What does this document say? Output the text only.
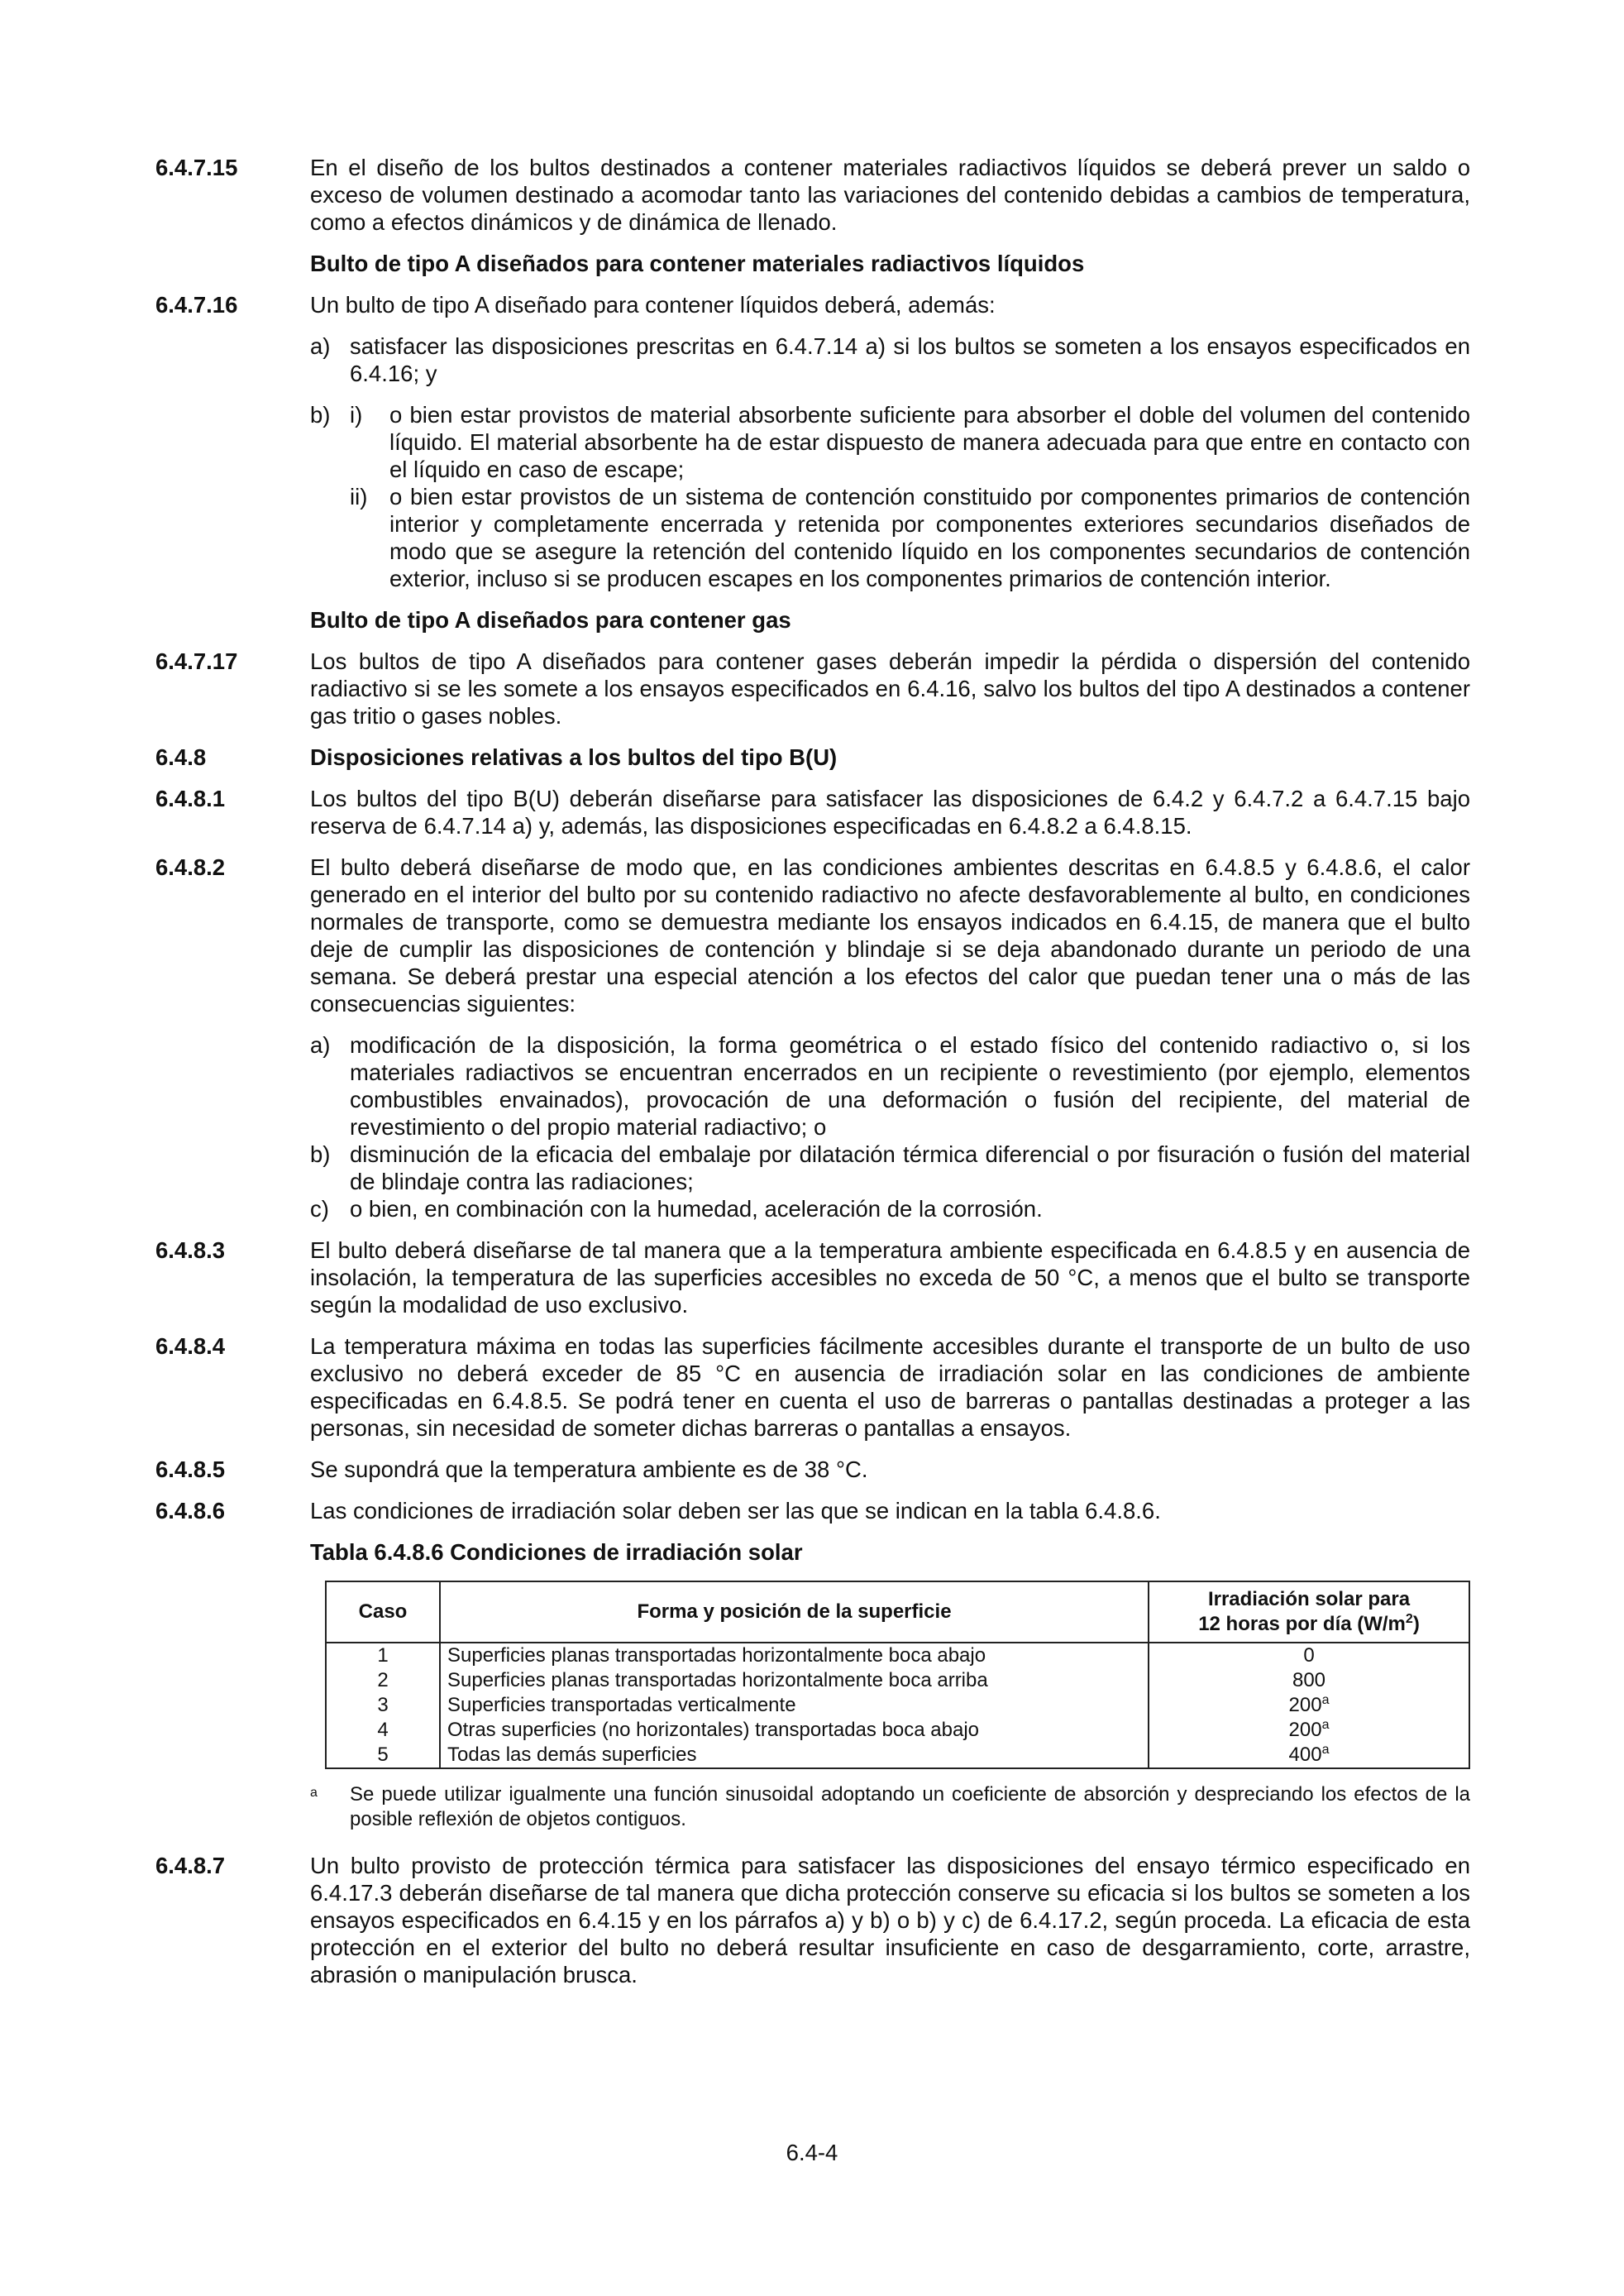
6.4.7.15	En el diseño de los bultos destinados a contener materiales radiactivos líquidos se deberá prever un saldo o exceso de volumen destinado a acomodar tanto las variaciones del contenido debidas a cambios de temperatura, como a efectos dinámicos y de dinámica de llenado.
Bulto de tipo A diseñados para contener materiales radiactivos líquidos
6.4.7.16	Un bulto de tipo A diseñado para contener líquidos deberá, además:
a) satisfacer las disposiciones prescritas en 6.4.7.14 a) si los bultos se someten a los ensayos especificados en 6.4.16; y
b) i)	o bien estar provistos de material absorbente suficiente para absorber el doble del volumen del contenido líquido. El material absorbente ha de estar dispuesto de manera adecuada para que entre en contacto con el líquido en caso de escape;
ii) o bien estar provistos de un sistema de contención constituido por componentes primarios de contención interior y completamente encerrada y retenida por componentes exteriores secundarios diseñados de modo que se asegure la retención del contenido líquido en los componentes secundarios de contención exterior, incluso si se producen escapes en los componentes primarios de contención interior.
Bulto de tipo A diseñados para contener gas
6.4.7.17	Los bultos de tipo A diseñados para contener gases deberán impedir la pérdida o dispersión del contenido radiactivo si se les somete a los ensayos especificados en 6.4.16, salvo los bultos del tipo A destinados a contener gas tritio o gases nobles.
6.4.8	Disposiciones relativas a los bultos del tipo B(U)
6.4.8.1	Los bultos del tipo B(U) deberán diseñarse para satisfacer las disposiciones de 6.4.2 y 6.4.7.2 a 6.4.7.15 bajo reserva de 6.4.7.14 a) y, además, las disposiciones especificadas en 6.4.8.2 a 6.4.8.15.
6.4.8.2	El bulto deberá diseñarse de modo que, en las condiciones ambientes descritas en 6.4.8.5 y 6.4.8.6, el calor generado en el interior del bulto por su contenido radiactivo no afecte desfavorablemente al bulto, en condiciones normales de transporte, como se demuestra mediante los ensayos indicados en 6.4.15, de manera que el bulto deje de cumplir las disposiciones de contención y blindaje si se deja abandonado durante un periodo de una semana. Se deberá prestar una especial atención a los efectos del calor que puedan tener una o más de las consecuencias siguientes:
a) modificación de la disposición, la forma geométrica o el estado físico del contenido radiactivo o, si los materiales radiactivos se encuentran encerrados en un recipiente o revestimiento (por ejemplo, elementos combustibles envainados), provocación de una deformación o fusión del recipiente, del material de revestimiento o del propio material radiactivo; o
b) disminución de la eficacia del embalaje por dilatación térmica diferencial o por fisuración o fusión del material de blindaje contra las radiaciones;
c) o bien, en combinación con la humedad, aceleración de la corrosión.
6.4.8.3	El bulto deberá diseñarse de tal manera que a la temperatura ambiente especificada en 6.4.8.5 y en ausencia de insolación, la temperatura de las superficies accesibles no exceda de 50 °C, a menos que el bulto se transporte según la modalidad de uso exclusivo.
6.4.8.4	La temperatura máxima en todas las superficies fácilmente accesibles durante el transporte de un bulto de uso exclusivo no deberá exceder de 85 °C en ausencia de irradiación solar en las condiciones de ambiente especificadas en 6.4.8.5. Se podrá tener en cuenta el uso de barreras o pantallas destinadas a proteger a las personas, sin necesidad de someter dichas barreras o pantallas a ensayos.
6.4.8.5	Se supondrá que la temperatura ambiente es de 38 °C.
6.4.8.6	Las condiciones de irradiación solar deben ser las que se indican en la tabla 6.4.8.6.
Tabla 6.4.8.6 Condiciones de irradiación solar
Caso	Forma y posición de la superficie	Irradiación solar para
12 horas por día $(W/m^2)$
1	Superficies planas transportadas horizontalmente boca abajo	0
2	Superficies planas transportadas horizontalmente boca arriba	800
3	Superficies transportadas verticalmente	200$^a$
4	Otras superficies (no horizontales) transportadas boca abajo	200$^a$
5	Todas las demás superficies	400$^a$
a	Se puede utilizar igualmente una función sinusoidal adoptando un coeficiente de absorción y despreciando los efectos de la posible reflexión de objetos contiguos.
6.4.8.7	Un bulto provisto de protección térmica para satisfacer las disposiciones del ensayo térmico especificado en 6.4.17.3 deberán diseñarse de tal manera que dicha protección conserve su eficacia si los bultos se someten a los ensayos especificados en 6.4.15 y en los párrafos a) y b) o b) y c) de 6.4.17.2, según proceda. La eficacia de esta protección en el exterior del bulto no deberá resultar insuficiente en caso de desgarramiento, corte, arrastre, abrasión o manipulación brusca.
6.4-4
